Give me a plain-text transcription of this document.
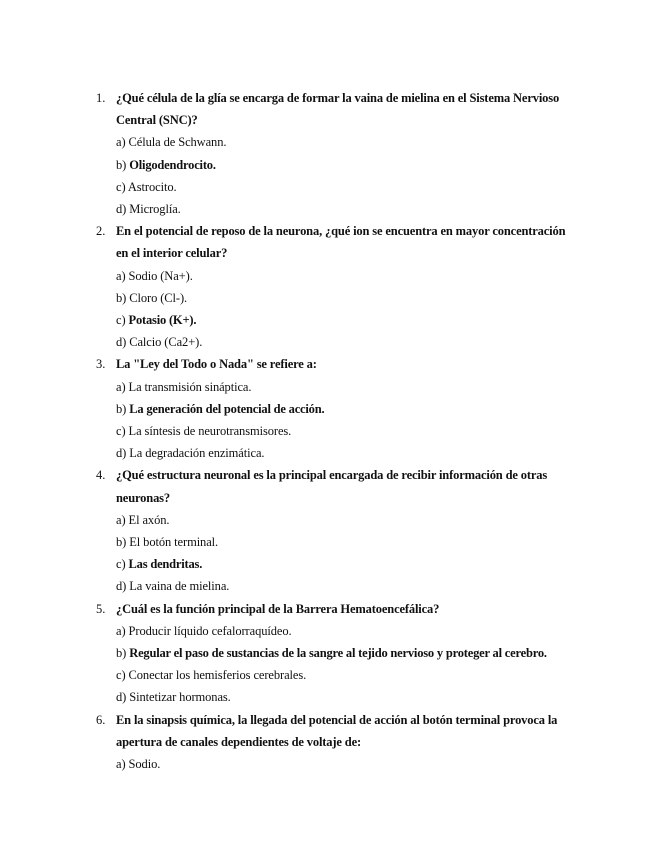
1. ¿Qué célula de la glía se encarga de formar la vaina de mielina en el Sistema Nervioso Central (SNC)?
a) Célula de Schwann.
b) Oligodendrocito.
c) Astrocito.
d) Microglía.
2. En el potencial de reposo de la neurona, ¿qué ion se encuentra en mayor concentración en el interior celular?
a) Sodio (Na+).
b) Cloro (Cl-).
c) Potasio (K+).
d) Calcio (Ca2+).
3. La "Ley del Todo o Nada" se refiere a:
a) La transmisión sináptica.
b) La generación del potencial de acción.
c) La síntesis de neurotransmisores.
d) La degradación enzimática.
4. ¿Qué estructura neuronal es la principal encargada de recibir información de otras neuronas?
a) El axón.
b) El botón terminal.
c) Las dendritas.
d) La vaina de mielina.
5. ¿Cuál es la función principal de la Barrera Hematoencefálica?
a) Producir líquido cefalorraquídeo.
b) Regular el paso de sustancias de la sangre al tejido nervioso y proteger al cerebro.
c) Conectar los hemisferios cerebrales.
d) Sintetizar hormonas.
6. En la sinapsis química, la llegada del potencial de acción al botón terminal provoca la apertura de canales dependientes de voltaje de:
a) Sodio.
